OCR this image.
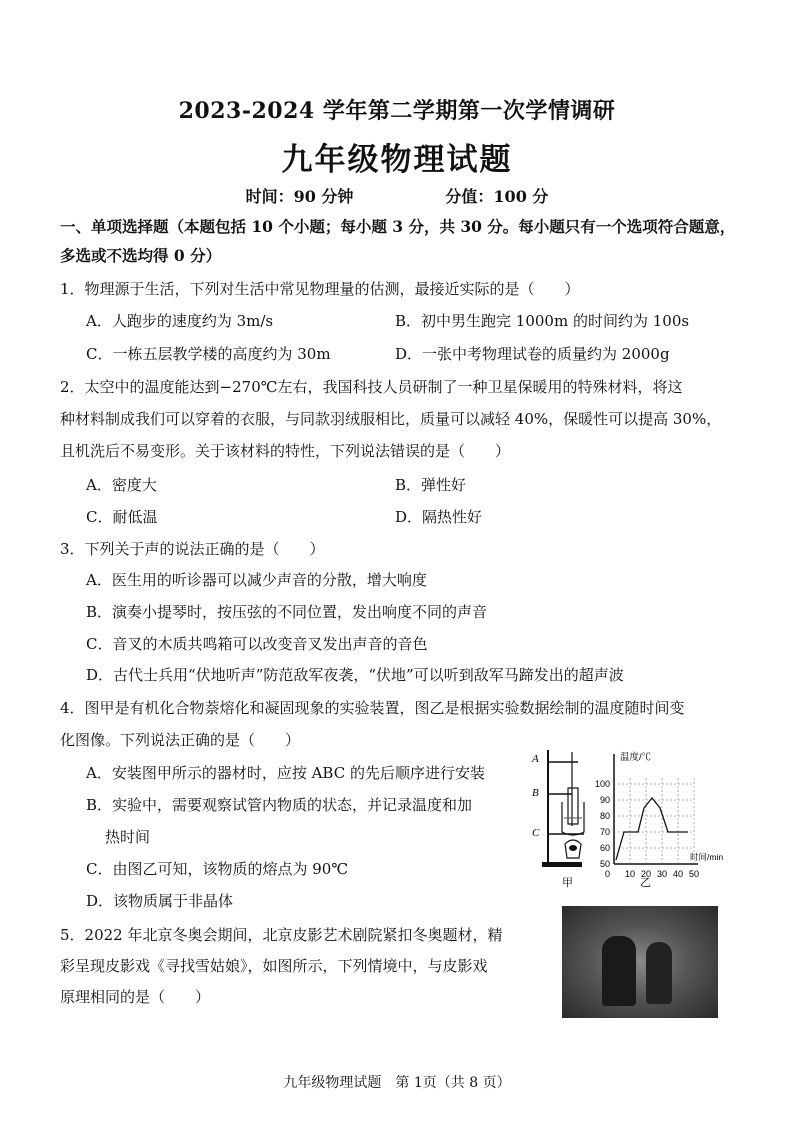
2023-2024 学年第二学期第一次学情调研
九年级物理试题
时间：90 分钟	分值：100 分
一、单项选择题（本题包括 10 个小题；每小题 3 分，共 30 分。每小题只有一个选项符合题意，
多选或不选均得 0 分）
1．物理源于生活，下列对生活中常见物理量的估测，最接近实际的是（　　）
A．人跑步的速度约为 3m/s	B．初中男生跑完 1000m 的时间约为 100s
C．一栋五层教学楼的高度约为 30m	D．一张中考物理试卷的质量约为 2000g
2．太空中的温度能达到−270℃左右，我国科技人员研制了一种卫星保暖用的特殊材料，将这
种材料制成我们可以穿着的衣服，与同款羽绒服相比，质量可以减轻 40%，保暖性可以提高 30%，
且机洗后不易变形。关于该材料的特性，下列说法错误的是（　　）
A．密度大	B．弹性好
C．耐低温	D．隔热性好
3．下列关于声的说法正确的是（　　）
A．医生用的听诊器可以减少声音的分散，增大响度
B．演奏小提琴时，按压弦的不同位置，发出响度不同的声音
C．音叉的木质共鸣箱可以改变音叉发出声音的音色
D．古代士兵用“伏地听声”防范敌军夜袭，“伏地”可以听到敌军马蹄发出的超声波
4．图甲是有机化合物萘熔化和凝固现象的实验装置，图乙是根据实验数据绘制的温度随时间变
化图像。下列说法正确的是（　　）
A．安装图甲所示的器材时，应按 ABC 的先后顺序进行安装
B．实验中，需要观察试管内物质的状态，并记录温度和加
热时间
C．由图乙可知，该物质的熔点为 90℃
D．该物质属于非晶体
A
B
C
甲
温度/℃
时间/min
0
100
90
80
70
60
50
10 20 30 40 50
乙
5．2022 年北京冬奥会期间，北京皮影艺术剧院紧扣冬奥题材，精
彩呈现皮影戏《寻找雪姑娘》，如图所示，下列情境中，与皮影戏
原理相同的是（　　）
九年级物理试题　第 1页（共 8 页）
